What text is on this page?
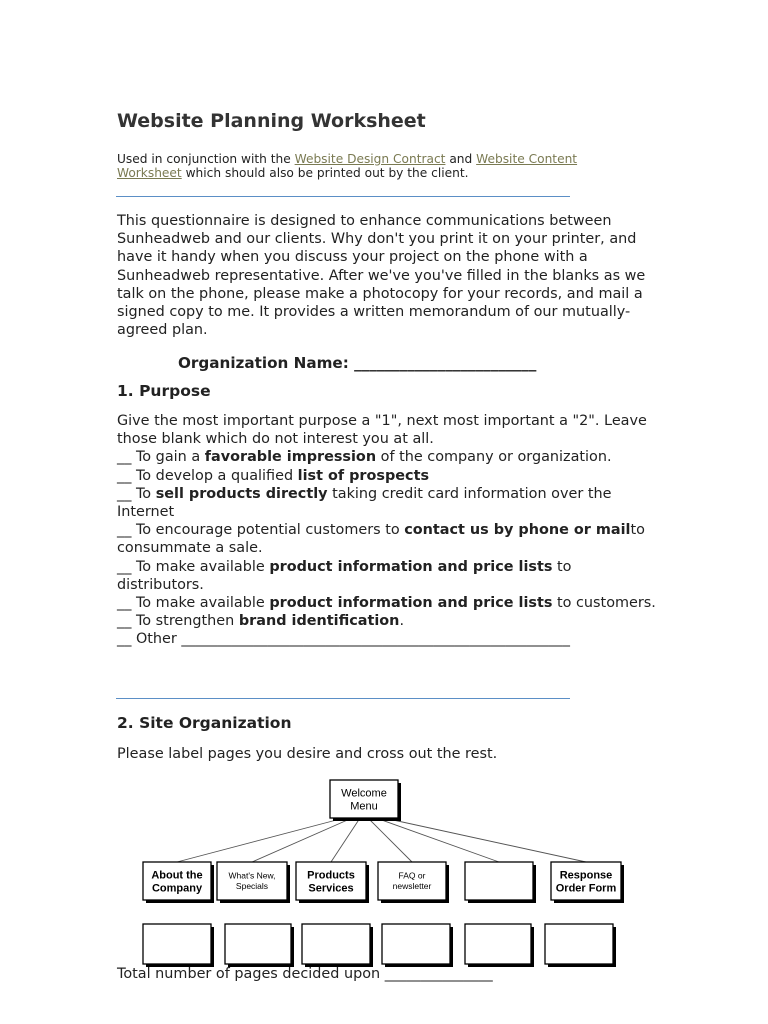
Website Planning Worksheet
Used in conjunction with the Website Design Contract and Website Content Worksheet which should also be printed out by the client.
This questionnaire is designed to enhance communications between Sunheadweb and our clients. Why don't you print it on your printer, and have it handy when you discuss your project on the phone with a Sunheadweb representative. After we've you've filled in the blanks as we talk on the phone, please make a photocopy for your records, and mail a signed copy to me. It provides a written memorandum of our mutually-agreed plan.
Organization Name: ________________________
1. Purpose
Give the most important purpose a "1", next most important a "2". Leave those blank which do not interest you at all.
__ To gain a favorable impression of the company or organization.
__ To develop a qualified list of prospects
__ To sell products directly taking credit card information over the Internet
__ To encourage potential customers to contact us by phone or mailto consummate a sale.
__ To make available product information and price lists to distributors.
__ To make available product information and price lists to customers.
__ To strengthen brand identification.
__ Other ______________________________________________________
2. Site Organization
Please label pages you desire and cross out the rest.
Welcome
Menu
About the
Company
What's New,
Specials
Products
Services
FAQ or
newsletter
Response
Order Form
Total number of pages decided upon _______________
